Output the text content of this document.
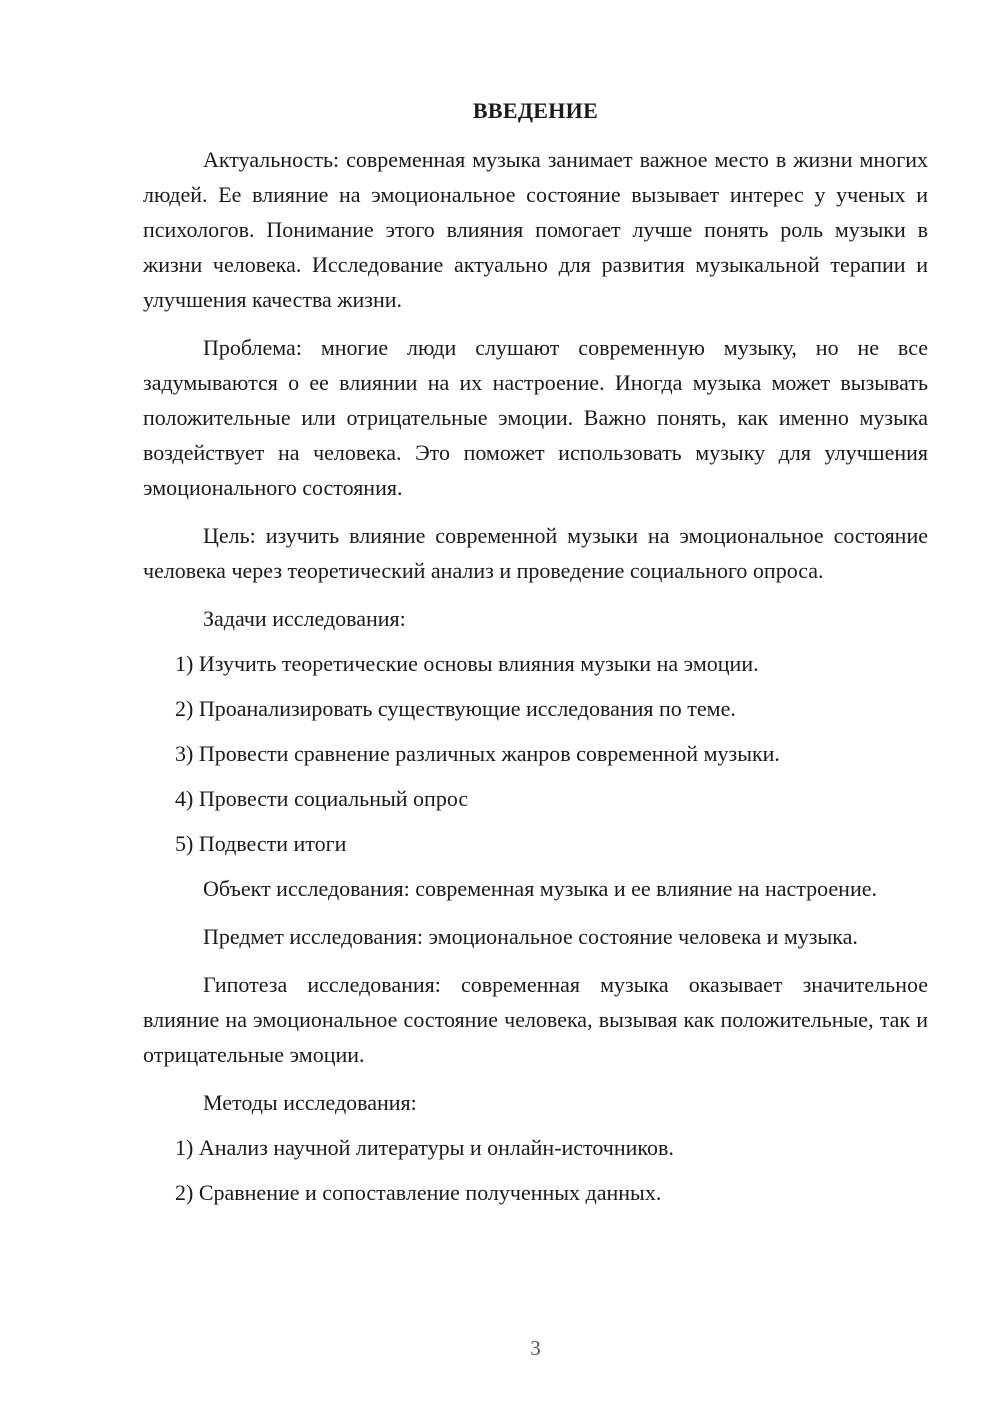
ВВЕДЕНИЕ

Актуальность: современная музыка занимает важное место в жизни многих людей. Ее влияние на эмоциональное состояние вызывает интерес у ученых и психологов. Понимание этого влияния помогает лучше понять роль музыки в жизни человека. Исследование актуально для развития музыкальной терапии и улучшения качества жизни.

Проблема: многие люди слушают современную музыку, но не все задумываются о ее влиянии на их настроение. Иногда музыка может вызывать положительные или отрицательные эмоции. Важно понять, как именно музыка воздействует на человека. Это поможет использовать музыку для улучшения эмоционального состояния.

Цель: изучить влияние современной музыки на эмоциональное состояние человека через теоретический анализ и проведение социального опроса.

Задачи исследования:

1) Изучить теоретические основы влияния музыки на эмоции.

2) Проанализировать существующие исследования по теме.

3) Провести сравнение различных жанров современной музыки.

4) Провести социальный опрос

5) Подвести итоги

Объект исследования: современная музыка и ее влияние на настроение.

Предмет исследования: эмоциональное состояние человека и музыка.

Гипотеза исследования: современная музыка оказывает значительное влияние на эмоциональное состояние человека, вызывая как положительные, так и отрицательные эмоции.

Методы исследования:

1) Анализ научной литературы и онлайн-источников.

2) Сравнение и сопоставление полученных данных.

3
